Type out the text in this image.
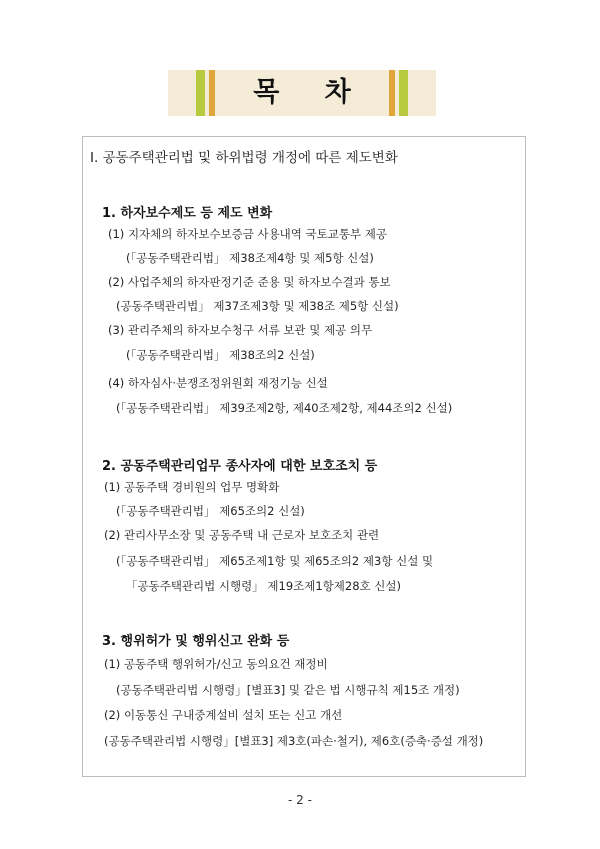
목 차
Ⅰ. 공동주택관리법 및 하위법령 개정에 따른 제도변화
1. 하자보수제도 등 제도 변화
(1) 지자체의 하자보수보증금 사용내역 국토교통부 제공
(「공동주택관리법」 제38조제4항 및 제5항 신설)
(2) 사업주체의 하자판정기준 준용 및 하자보수결과 통보
(공동주택관리법」 제37조제3항 및 제38조 제5항 신설)
(3) 관리주체의 하자보수청구 서류 보관 및 제공 의무
(「공동주택관리법」 제38조의2 신설)
(4) 하자심사·분쟁조정위원회 재정기능 신설
(「공동주택관리법」 제39조제2항, 제40조제2항, 제44조의2 신설)
2. 공동주택관리업무 종사자에 대한 보호조치 등
(1) 공동주택 경비원의 업무 명확화
(「공동주택관리법」 제65조의2 신설)
(2) 관리사무소장 및 공동주택 내 근로자 보호조치 관련
(「공동주택관리법」 제65조제1항 및 제65조의2 제3항 신설 및
「공동주택관리법 시행령」 제19조제1항제28호 신설)
3. 행위허가 및 행위신고 완화 등
(1) 공동주택 행위허가/신고 동의요건 재정비
(공동주택관리법 시행령」[별표3] 및 같은 법 시행규칙 제15조 개정)
(2) 이동통신 구내중계설비 설치 또는 신고 개선
(공동주택관리법 시행령」[별표3] 제3호(파손·철거), 제6호(증축·증설 개정)
- 2 -
